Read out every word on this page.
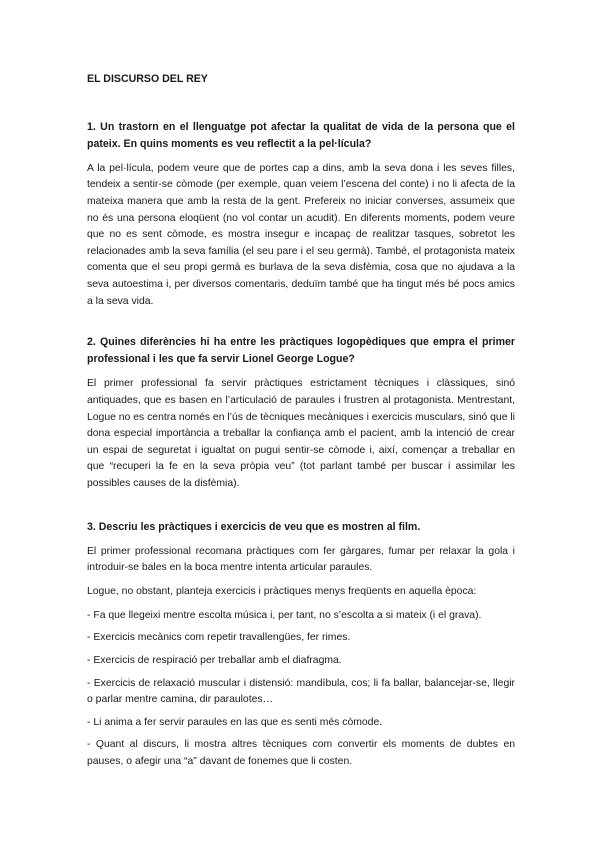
EL DISCURSO DEL REY
1. Un trastorn en el llenguatge pot afectar la qualitat de vida de la persona que el pateix. En quins moments es veu reflectit a la pel·lícula?
A la pel·lícula, podem veure que de portes cap a dins, amb la seva dona i les seves filles, tendeix a sentir-se còmode (per exemple, quan veiem l’escena del conte) i no li afecta de la mateixa manera que amb la resta de la gent. Prefereix no iniciar converses, assumeix que no és una persona eloqüent (no vol contar un acudit). En diferents moments, podem veure que no es sent còmode, es mostra insegur e incapaç de realitzar tasques, sobretot les relacionades amb la seva família (el seu pare i el seu germà). També, el protagonista mateix comenta que el seu propi germà es burlava de la seva disfèmia, cosa que no ajudava a la seva autoestima i, per diversos comentaris, deduïm també que ha tingut més bé pocs amics a la seva vida.
2. Quines diferències hi ha entre les pràctiques logopèdiques que empra el primer professional i les que fa servir Lionel George Logue?
El primer professional fa servir pràctiques estrictament tècniques i clàssiques, sinó antiquades, que es basen en l’articulació de paraules i frustren al protagonista. Mentrestant, Logue no es centra només en l’ús de tècniques mecàniques i exercicis musculars, sinó que li dona especial importància a treballar la confiança amb el pacient, amb la intenció de crear un espai de seguretat i igualtat on pugui sentir-se còmode i, així, començar a treballar en que “recuperi la fe en la seva pròpia veu” (tot parlant també per buscar i assimilar les possibles causes de la disfèmia).
3. Descriu les pràctiques i exercicis de veu que es mostren al film.
El primer professional recomana pràctiques com fer gàrgares, fumar per relaxar la gola i introduir-se bales en la boca mentre intenta articular paraules.
Logue, no obstant, planteja exercicis i pràctiques menys freqüents en aquella època:
- Fa que llegeixi mentre escolta música i, per tant, no s’escolta a si mateix (i el grava).
- Exercicis mecànics com repetir travallengües, fer rimes.
- Exercicis de respiració per treballar amb el diafragma.
- Exercicis de relaxació muscular i distensió: mandíbula, cos; li fa ballar, balancejar-se, llegir o parlar mentre camina, dir paraulotes…
- Li anima a fer servir paraules en las que es senti més còmode.
- Quant al discurs, li mostra altres tècniques com convertir els moments de dubtes en pauses, o afegir una “a” davant de fonemes que li costen.
